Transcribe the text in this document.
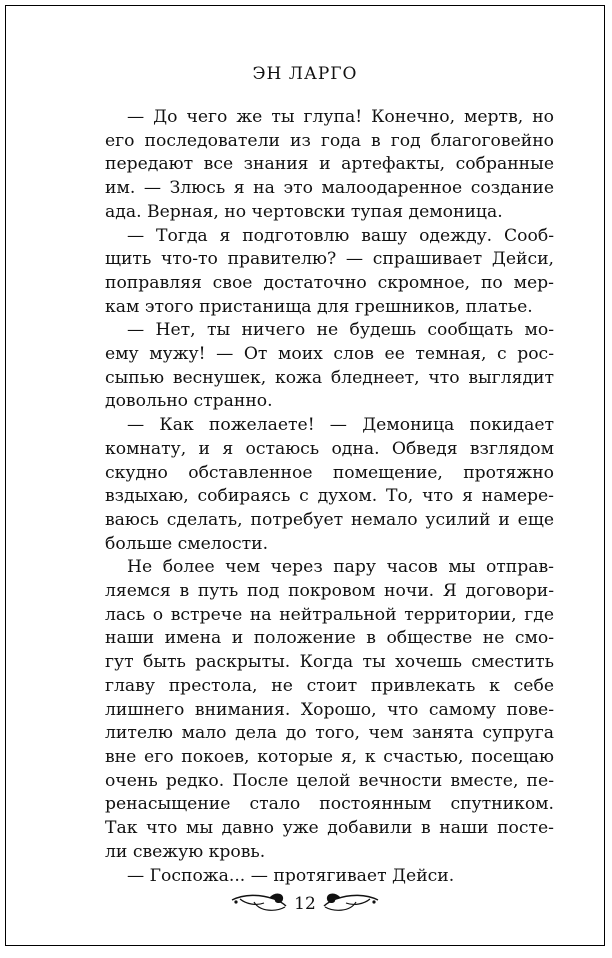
ЭН ЛАРГО

— До чего же ты глупа! Конечно, мертв, но
его последователи из года в год благоговейно
передают все знания и артефакты, собранные
им. — Злюсь я на это малоодаренное создание
ада. Верная, но чертовски тупая демоница.

— Тогда я подготовлю вашу одежду. Сооб-
щить что-то правителю? — спрашивает Дейси,
поправляя свое достаточно скромное, по мер-
кам этого пристанища для грешников, платье.

— Нет, ты ничего не будешь сообщать мо-
ему мужу! — От моих слов ее темная, с рос-
сыпью веснушек, кожа бледнеет, что выглядит
довольно странно.

— Как пожелаете! — Демоница покидает
комнату, и я остаюсь одна. Обведя взглядом
скудно обставленное помещение, протяжно
вздыхаю, собираясь с духом. То, что я намере-
ваюсь сделать, потребует немало усилий и еще
больше смелости.

Не более чем через пару часов мы отправ-
ляемся в путь под покровом ночи. Я договори-
лась о встрече на нейтральной территории, где
наши имена и положение в обществе не смо-
гут быть раскрыты. Когда ты хочешь сместить
главу престола, не стоит привлекать к себе
лишнего внимания. Хорошо, что самому пове-
лителю мало дела до того, чем занята супруга
вне его покоев, которые я, к счастью, посещаю
очень редко. После целой вечности вместе, пе-
ренасыщение стало постоянным спутником.
Так что мы давно уже добавили в наши посте-
ли свежую кровь.

— Госпожа... — протягивает Дейси.

12
